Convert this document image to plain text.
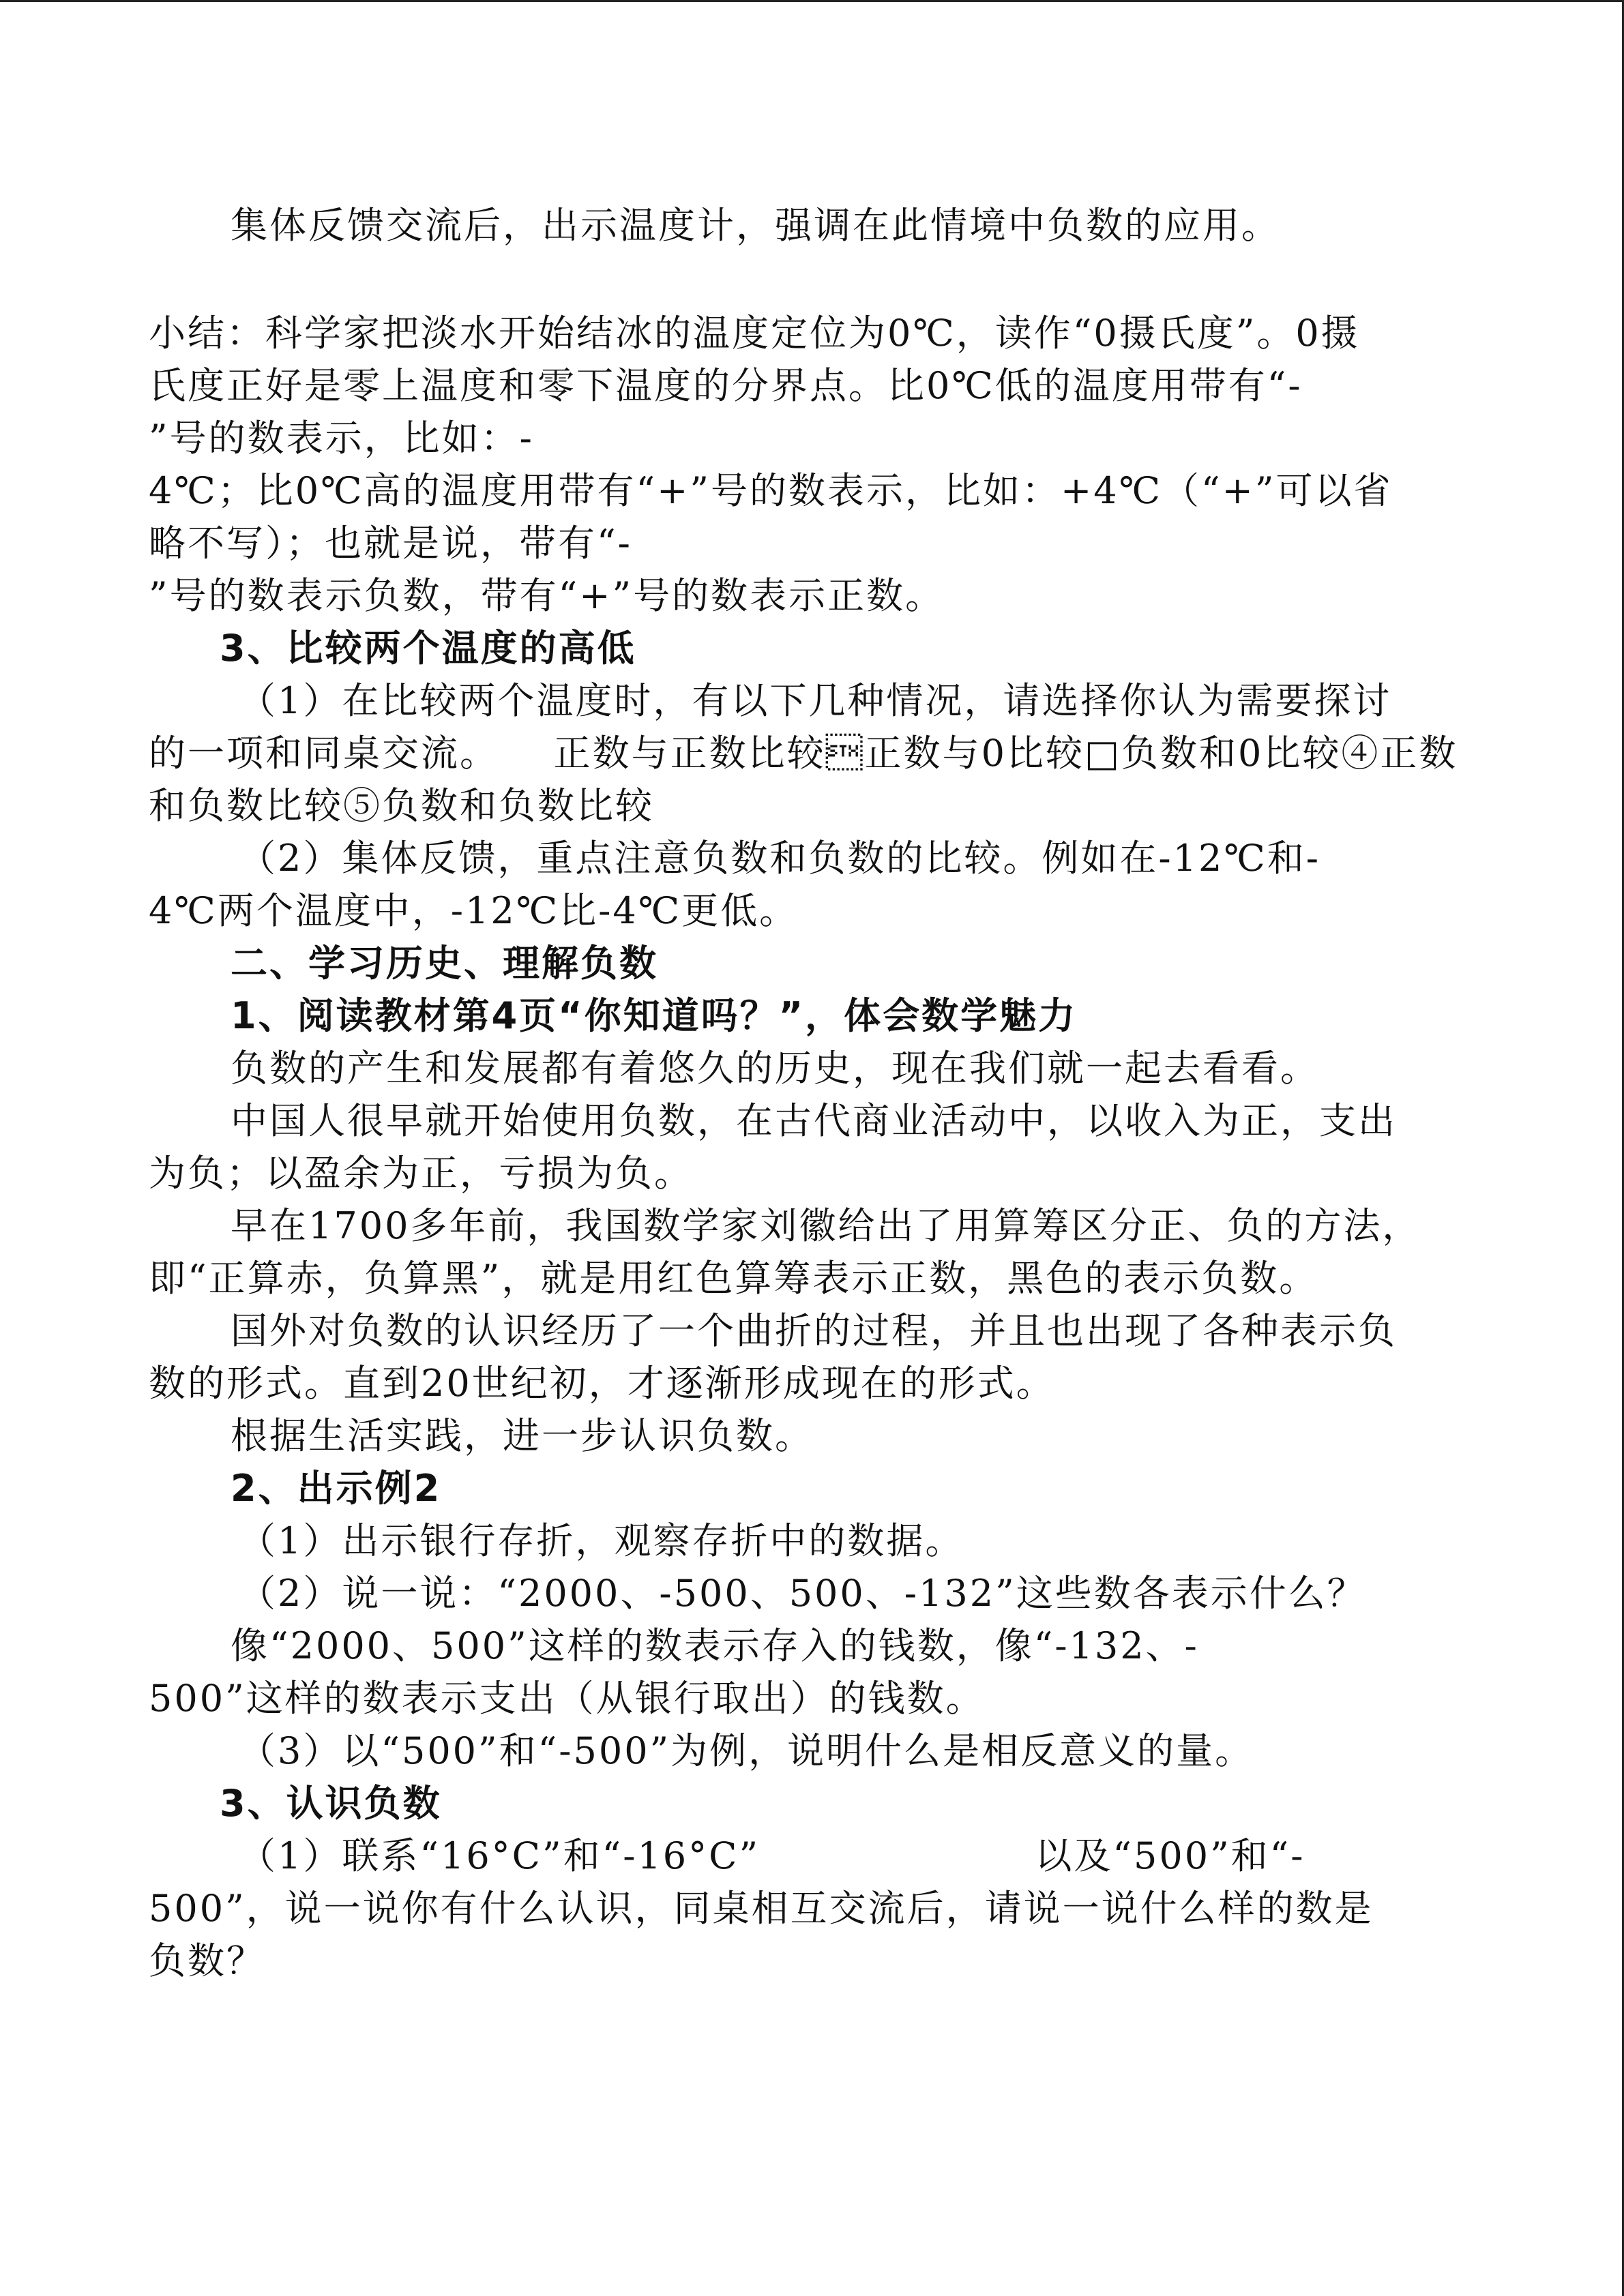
集体反馈交流后，出示温度计，强调在此情境中负数的应用。
小结：科学家把淡水开始结冰的温度定位为0℃，读作“0摄氏度”。0摄
氏度正好是零上温度和零下温度的分界点。比0℃低的温度用带有“-
”号的数表示，比如：-
4℃；比0℃高的温度用带有“+”号的数表示，比如：+4℃（“+”可以省
略不写）；也就是说，带有“-
”号的数表示负数，带有“+”号的数表示正数。
3、比较两个温度的高低
（1）在比较两个温度时，有以下几种情况，请选择你认为需要探讨
的一项和同桌交流。    正数与正数比较正数与0比较□负数和0比较④正数
和负数比较⑤负数和负数比较
（2）集体反馈，重点注意负数和负数的比较。例如在-12℃和-
4℃两个温度中，-12℃比-4℃更低。
二、学习历史、理解负数
1、阅读教材第4页“你知道吗？”，体会数学魅力
负数的产生和发展都有着悠久的历史，现在我们就一起去看看。
中国人很早就开始使用负数，在古代商业活动中，以收入为正，支出
为负；以盈余为正，亏损为负。
早在1700多年前，我国数学家刘徽给出了用算筹区分正、负的方法，
即“正算赤，负算黑”，就是用红色算筹表示正数，黑色的表示负数。
国外对负数的认识经历了一个曲折的过程，并且也出现了各种表示负
数的形式。直到20世纪初，才逐渐形成现在的形式。
根据生活实践，进一步认识负数。
2、出示例2
（1）出示银行存折，观察存折中的数据。
（2）说一说：“2000、-500、500、-132”这些数各表示什么？
像“2000、500”这样的数表示存入的钱数，像“-132、-
500”这样的数表示支出（从银行取出）的钱数。
（3）以“500”和“-500”为例，说明什么是相反意义的量。
3、认识负数
（1）联系“16°C”和“-16°C”                    以及“500”和“-
500”，说一说你有什么认识，同桌相互交流后，请说一说什么样的数是
负数？
